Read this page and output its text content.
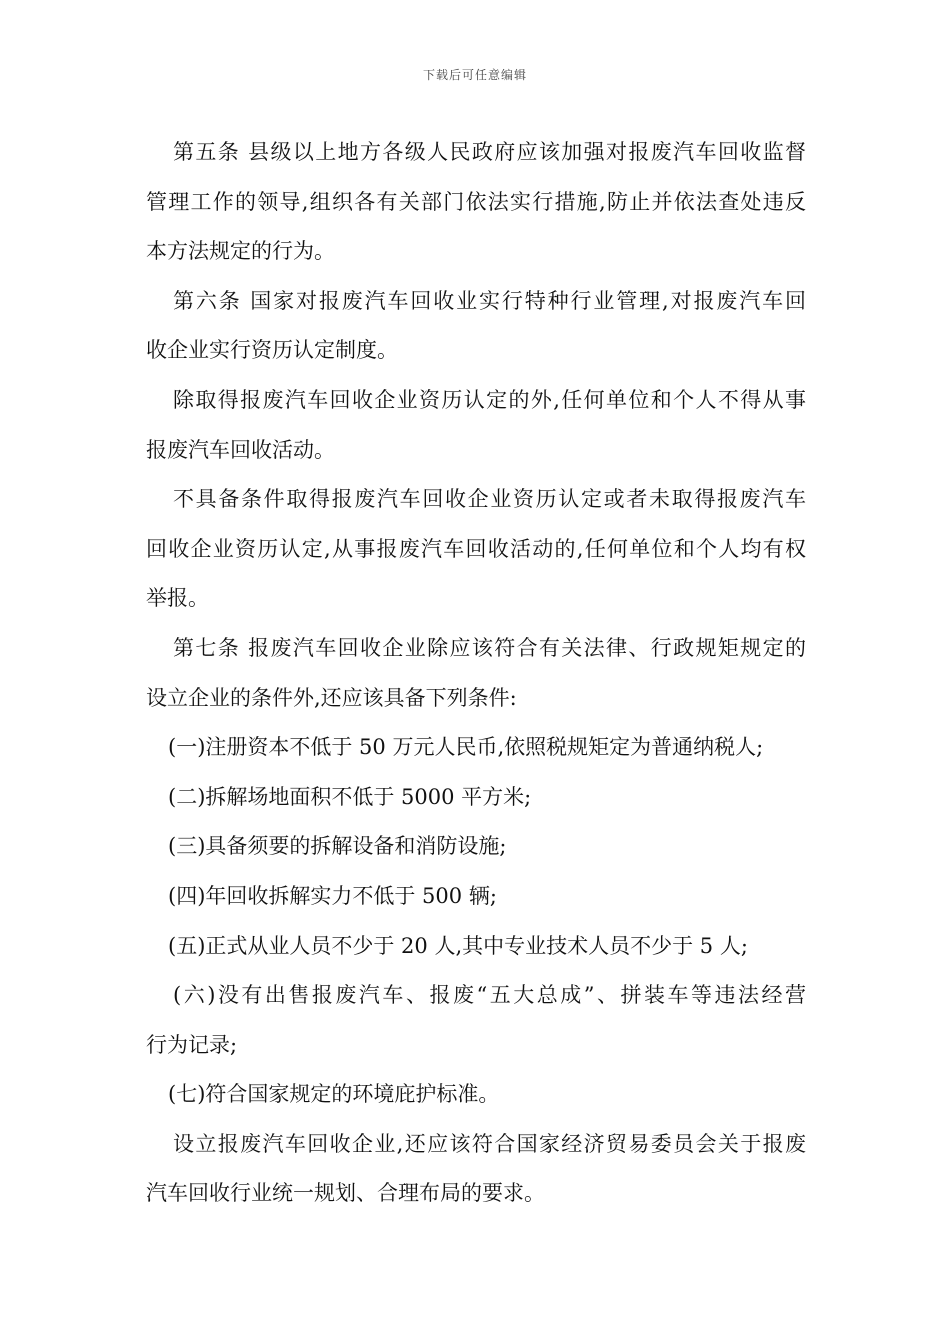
下载后可任意编辑
第五条 县级以上地方各级人民政府应该加强对报废汽车回收监督
管理工作的领导,组织各有关部门依法实行措施,防止并依法查处违反
本方法规定的行为。
第六条 国家对报废汽车回收业实行特种行业管理,对报废汽车回
收企业实行资历认定制度。
除取得报废汽车回收企业资历认定的外,任何单位和个人不得从事
报废汽车回收活动。
不具备条件取得报废汽车回收企业资历认定或者未取得报废汽车
回收企业资历认定,从事报废汽车回收活动的,任何单位和个人均有权
举报。
第七条 报废汽车回收企业除应该符合有关法律、行政规矩规定的
设立企业的条件外,还应该具备下列条件:
(一)注册资本不低于 50 万元人民币,依照税规矩定为普通纳税人;
(二)拆解场地面积不低于 5000 平方米;
(三)具备须要的拆解设备和消防设施;
(四)年回收拆解实力不低于 500 辆;
(五)正式从业人员不少于 20 人,其中专业技术人员不少于 5 人;
(六)没有出售报废汽车、报废“五大总成”、拼装车等违法经营
行为记录;
(七)符合国家规定的环境庇护标准。
设立报废汽车回收企业,还应该符合国家经济贸易委员会关于报废
汽车回收行业统一规划、合理布局的要求。
